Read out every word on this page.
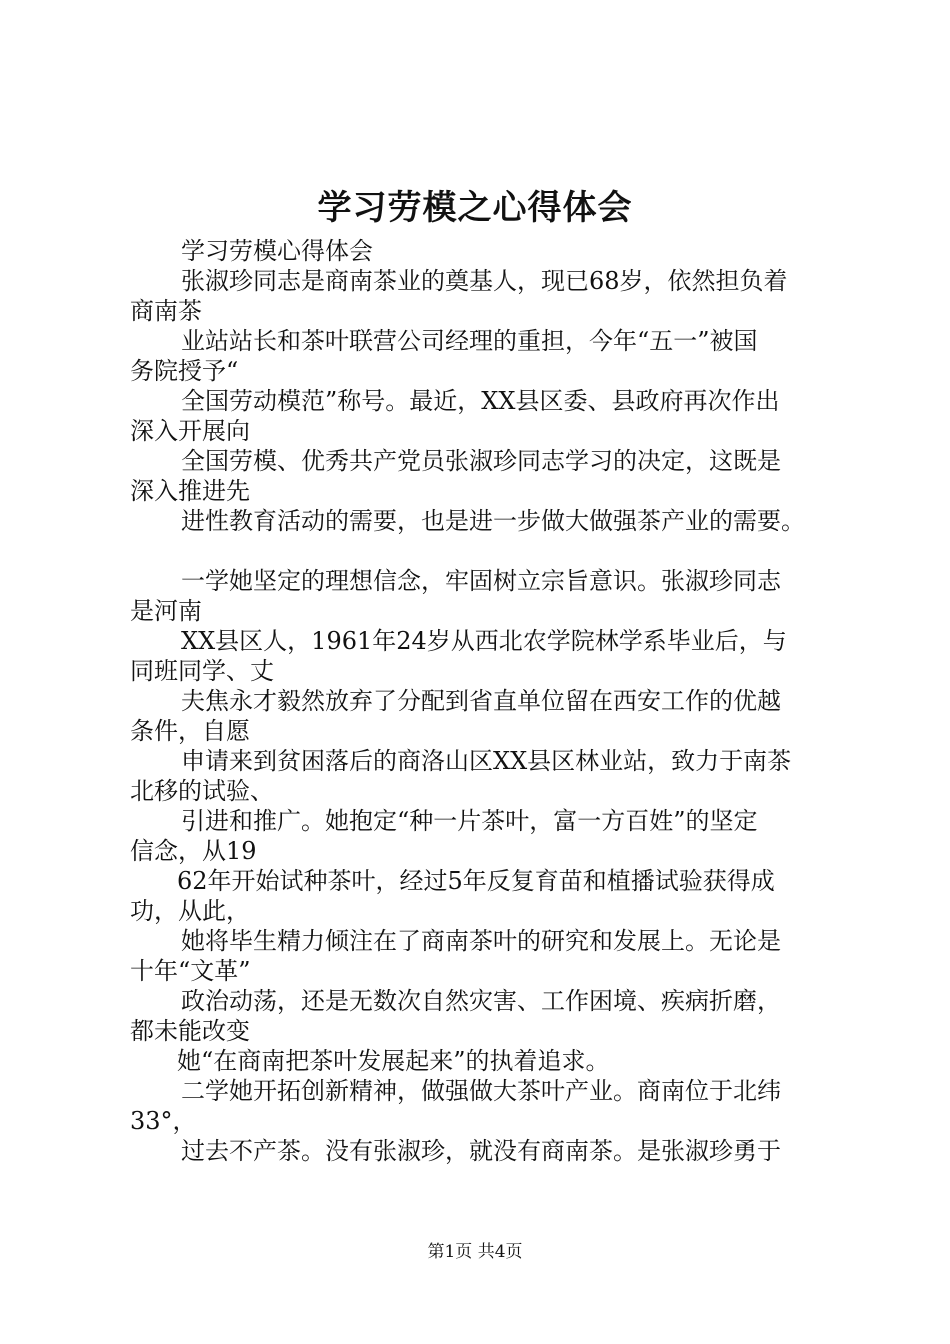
学习劳模之心得体会
学习劳模心得体会
张淑珍同志是商南茶业的奠基人，现已68岁，依然担负着
商南茶
业站站长和茶叶联营公司经理的重担，今年“五一”被国
务院授予“
全国劳动模范”称号。最近，XX县区委、县政府再次作出
深入开展向
全国劳模、优秀共产党员张淑珍同志学习的决定，这既是
深入推进先
进性教育活动的需要，也是进一步做大做强茶产业的需要。
一学她坚定的理想信念，牢固树立宗旨意识。张淑珍同志
是河南
XX县区人，1961年24岁从西北农学院林学系毕业后，与
同班同学、丈
夫焦永才毅然放弃了分配到省直单位留在西安工作的优越
条件，自愿
申请来到贫困落后的商洛山区XX县区林业站，致力于南茶
北移的试验、
引进和推广。她抱定“种一片茶叶，富一方百姓”的坚定
信念，从19
62年开始试种茶叶，经过5年反复育苗和植播试验获得成
功，从此，
她将毕生精力倾注在了商南茶叶的研究和发展上。无论是
十年“文革”
政治动荡，还是无数次自然灾害、工作困境、疾病折磨，
都未能改变
她“在商南把茶叶发展起来”的执着追求。
二学她开拓创新精神，做强做大茶叶产业。商南位于北纬
33°，
过去不产茶。没有张淑珍，就没有商南茶。是张淑珍勇于
第1页 共4页
